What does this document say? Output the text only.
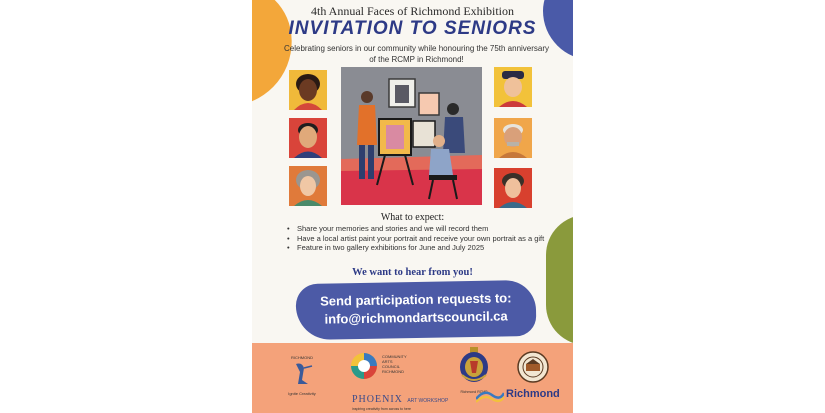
4th Annual Faces of Richmond Exhibition
INVITATION TO SENIORS
Celebrating seniors in our community while honouring the 75th anniversary of the RCMP in Richmond!
What to expect:
• Share your memories and stories and we will record them
• Have a local artist paint your portrait and receive your own portrait as a gift
• Feature in two gallery exhibitions for June and July 2025
We want to hear from you!
Send participation requests to:
info@richmondartscouncil.ca
RICHMOND
Ignite Creativity
COMMUNITY
ARTS
COUNCIL
RICHMOND
PHOENIX ART WORKSHOP
inspiring creativity from across to here
Richmond RCMP	Richmond
